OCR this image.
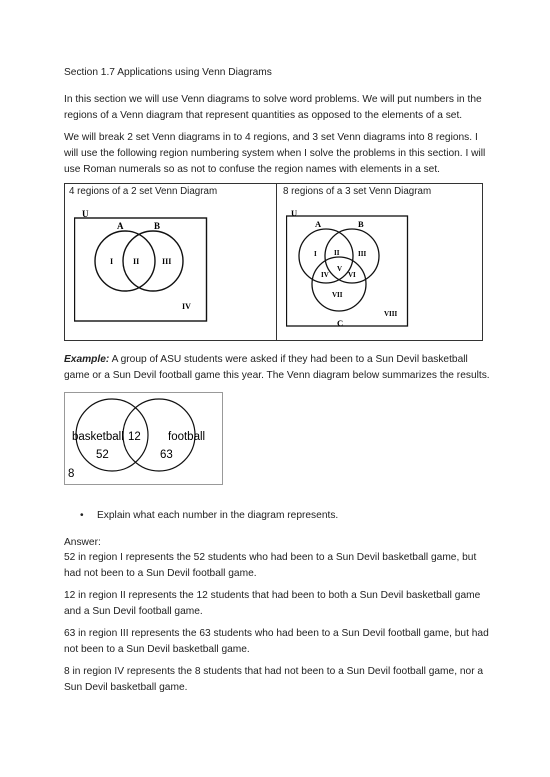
Section 1.7 Applications using Venn Diagrams

In this section we will use Venn diagrams to solve word problems. We will put numbers in the regions of a Venn diagram that represent quantities as opposed to the elements of a set.

We will break 2 set Venn diagrams in to 4 regions, and 3 set Venn diagrams into 8 regions. I will use the following region numbering system when I solve the problems in this section. I will use Roman numerals so as not to confuse the region names with elements in a set.

4 regions of a 2 set Venn Diagram	8 regions of a 3 set Venn Diagram
U
A	B
I II	III
IV
U
A	B
C
I II	III
IV
V
VI
VII
VIII

Example: A group of ASU students were asked if they had been to a Sun Devil basketball game or a Sun Devil football game this year. The Venn diagram below summarizes the results.

basketball	football
12
52	63
8
• Explain what each number in the diagram represents.

Answer:

52 in region I represents the 52 students who had been to a Sun Devil basketball game, but had not been to a Sun Devil football game.

12 in region II represents the 12 students that had been to both a Sun Devil basketball game and a Sun Devil football game.

63 in region III represents the 63 students who had been to a Sun Devil football game, but had not been to a Sun Devil basketball game.

8 in region IV represents the 8 students that had not been to a Sun Devil football game, nor a Sun Devil basketball game.
